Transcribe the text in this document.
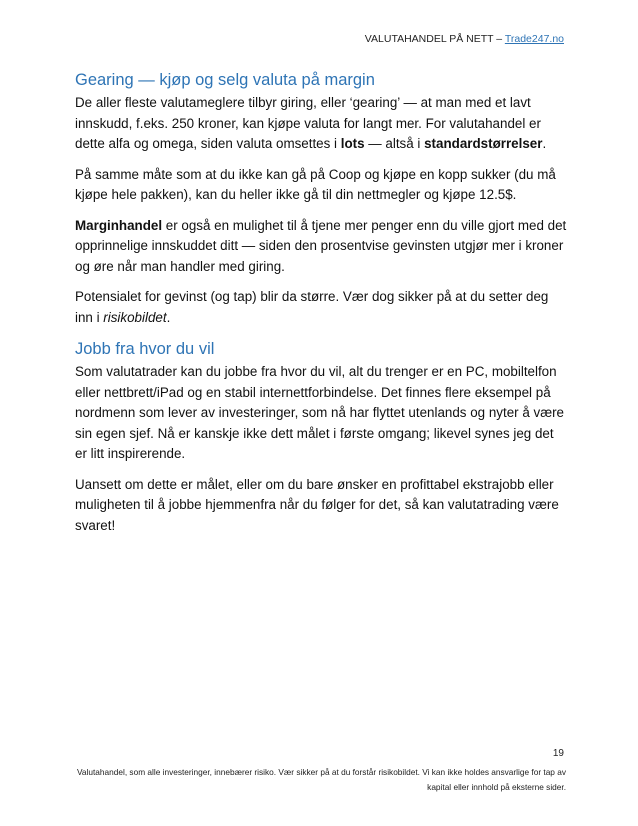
VALUTAHANDEL PÅ NETT – Trade247.no
Gearing — kjøp og selg valuta på margin

De aller fleste valutameglere tilbyr giring, eller ‘gearing’ — at man med et lavt innskudd, f.eks. 250 kroner, kan kjøpe valuta for langt mer. For valutahandel er dette alfa og omega, siden valuta omsettes i lots — altså i standardstørrelser.

På samme måte som at du ikke kan gå på Coop og kjøpe en kopp sukker (du må kjøpe hele pakken), kan du heller ikke gå til din nettmegler og kjøpe 12.5$.

Marginhandel er også en mulighet til å tjene mer penger enn du ville gjort med det opprinnelige innskuddet ditt — siden den prosentvise gevinsten utgjør mer i kroner og øre når man handler med giring.

Potensialet for gevinst (og tap) blir da større. Vær dog sikker på at du setter deg inn i risikobildet.

Jobb fra hvor du vil

Som valutatrader kan du jobbe fra hvor du vil, alt du trenger er en PC, mobiltelfon eller nettbrett/iPad og en stabil internettforbindelse. Det finnes flere eksempel på nordmenn som lever av investeringer, som nå har flyttet utenlands og nyter å være sin egen sjef. Nå er kanskje ikke dett målet i første omgang; likevel synes jeg det er litt inspirerende.

Uansett om dette er målet, eller om du bare ønsker en profittabel ekstrajobb eller muligheten til å jobbe hjemmenfra når du følger for det, så kan valutatrading være svaret!

19
Valutahandel, som alle investeringer, innebærer risiko. Vær sikker på at du forstår risikobildet. Vi kan ikke holdes ansvarlige for tap av kapital eller innhold på eksterne sider.
